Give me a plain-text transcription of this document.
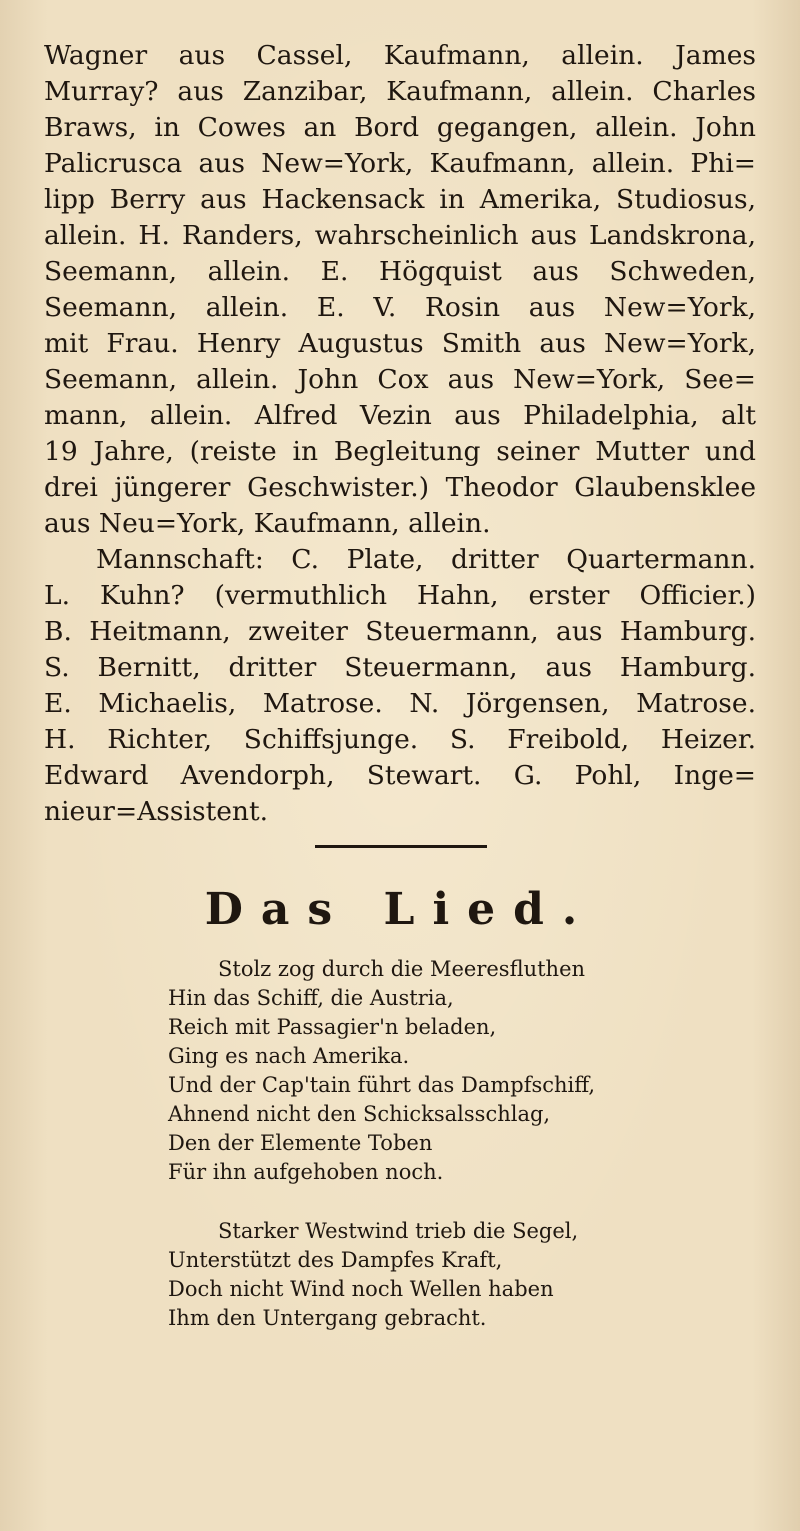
Wagner aus Cassel, Kaufmann, allein. James
Murray? aus Zanzibar, Kaufmann, allein. Charles
Braws, in Cowes an Bord gegangen, allein. John
Palicrusca aus New=York, Kaufmann, allein. Phi=
lipp Berry aus Hackensack in Amerika, Studiosus,
allein. H. Randers, wahrscheinlich aus Landskrona,
Seemann, allein. E. Högquist aus Schweden,
Seemann, allein. E. V. Rosin aus New=York,
mit Frau. Henry Augustus Smith aus New=York,
Seemann, allein. John Cox aus New=York, See=
mann, allein. Alfred Vezin aus Philadelphia, alt
19 Jahre, (reiste in Begleitung seiner Mutter und
drei jüngerer Geschwister.) Theodor Glaubensklee
aus Neu=York, Kaufmann, allein.
Mannschaft: C. Plate, dritter Quartermann.
L. Kuhn? (vermuthlich Hahn, erster Officier.)
B. Heitmann, zweiter Steuermann, aus Hamburg.
S. Bernitt, dritter Steuermann, aus Hamburg.
E. Michaelis, Matrose. N. Jörgensen, Matrose.
H. Richter, Schiffsjunge. S. Freibold, Heizer.
Edward Avendorph, Stewart. G. Pohl, Inge=
nieur=Assistent.
Das Lied.
Stolz zog durch die Meeresfluthen
Hin das Schiff, die Austria,
Reich mit Passagier'n beladen,
Ging es nach Amerika.
Und der Cap'tain führt das Dampfschiff,
Ahnend nicht den Schicksalsschlag,
Den der Elemente Toben
Für ihn aufgehoben noch.
Starker Westwind trieb die Segel,
Unterstützt des Dampfes Kraft,
Doch nicht Wind noch Wellen haben
Ihm den Untergang gebracht.
